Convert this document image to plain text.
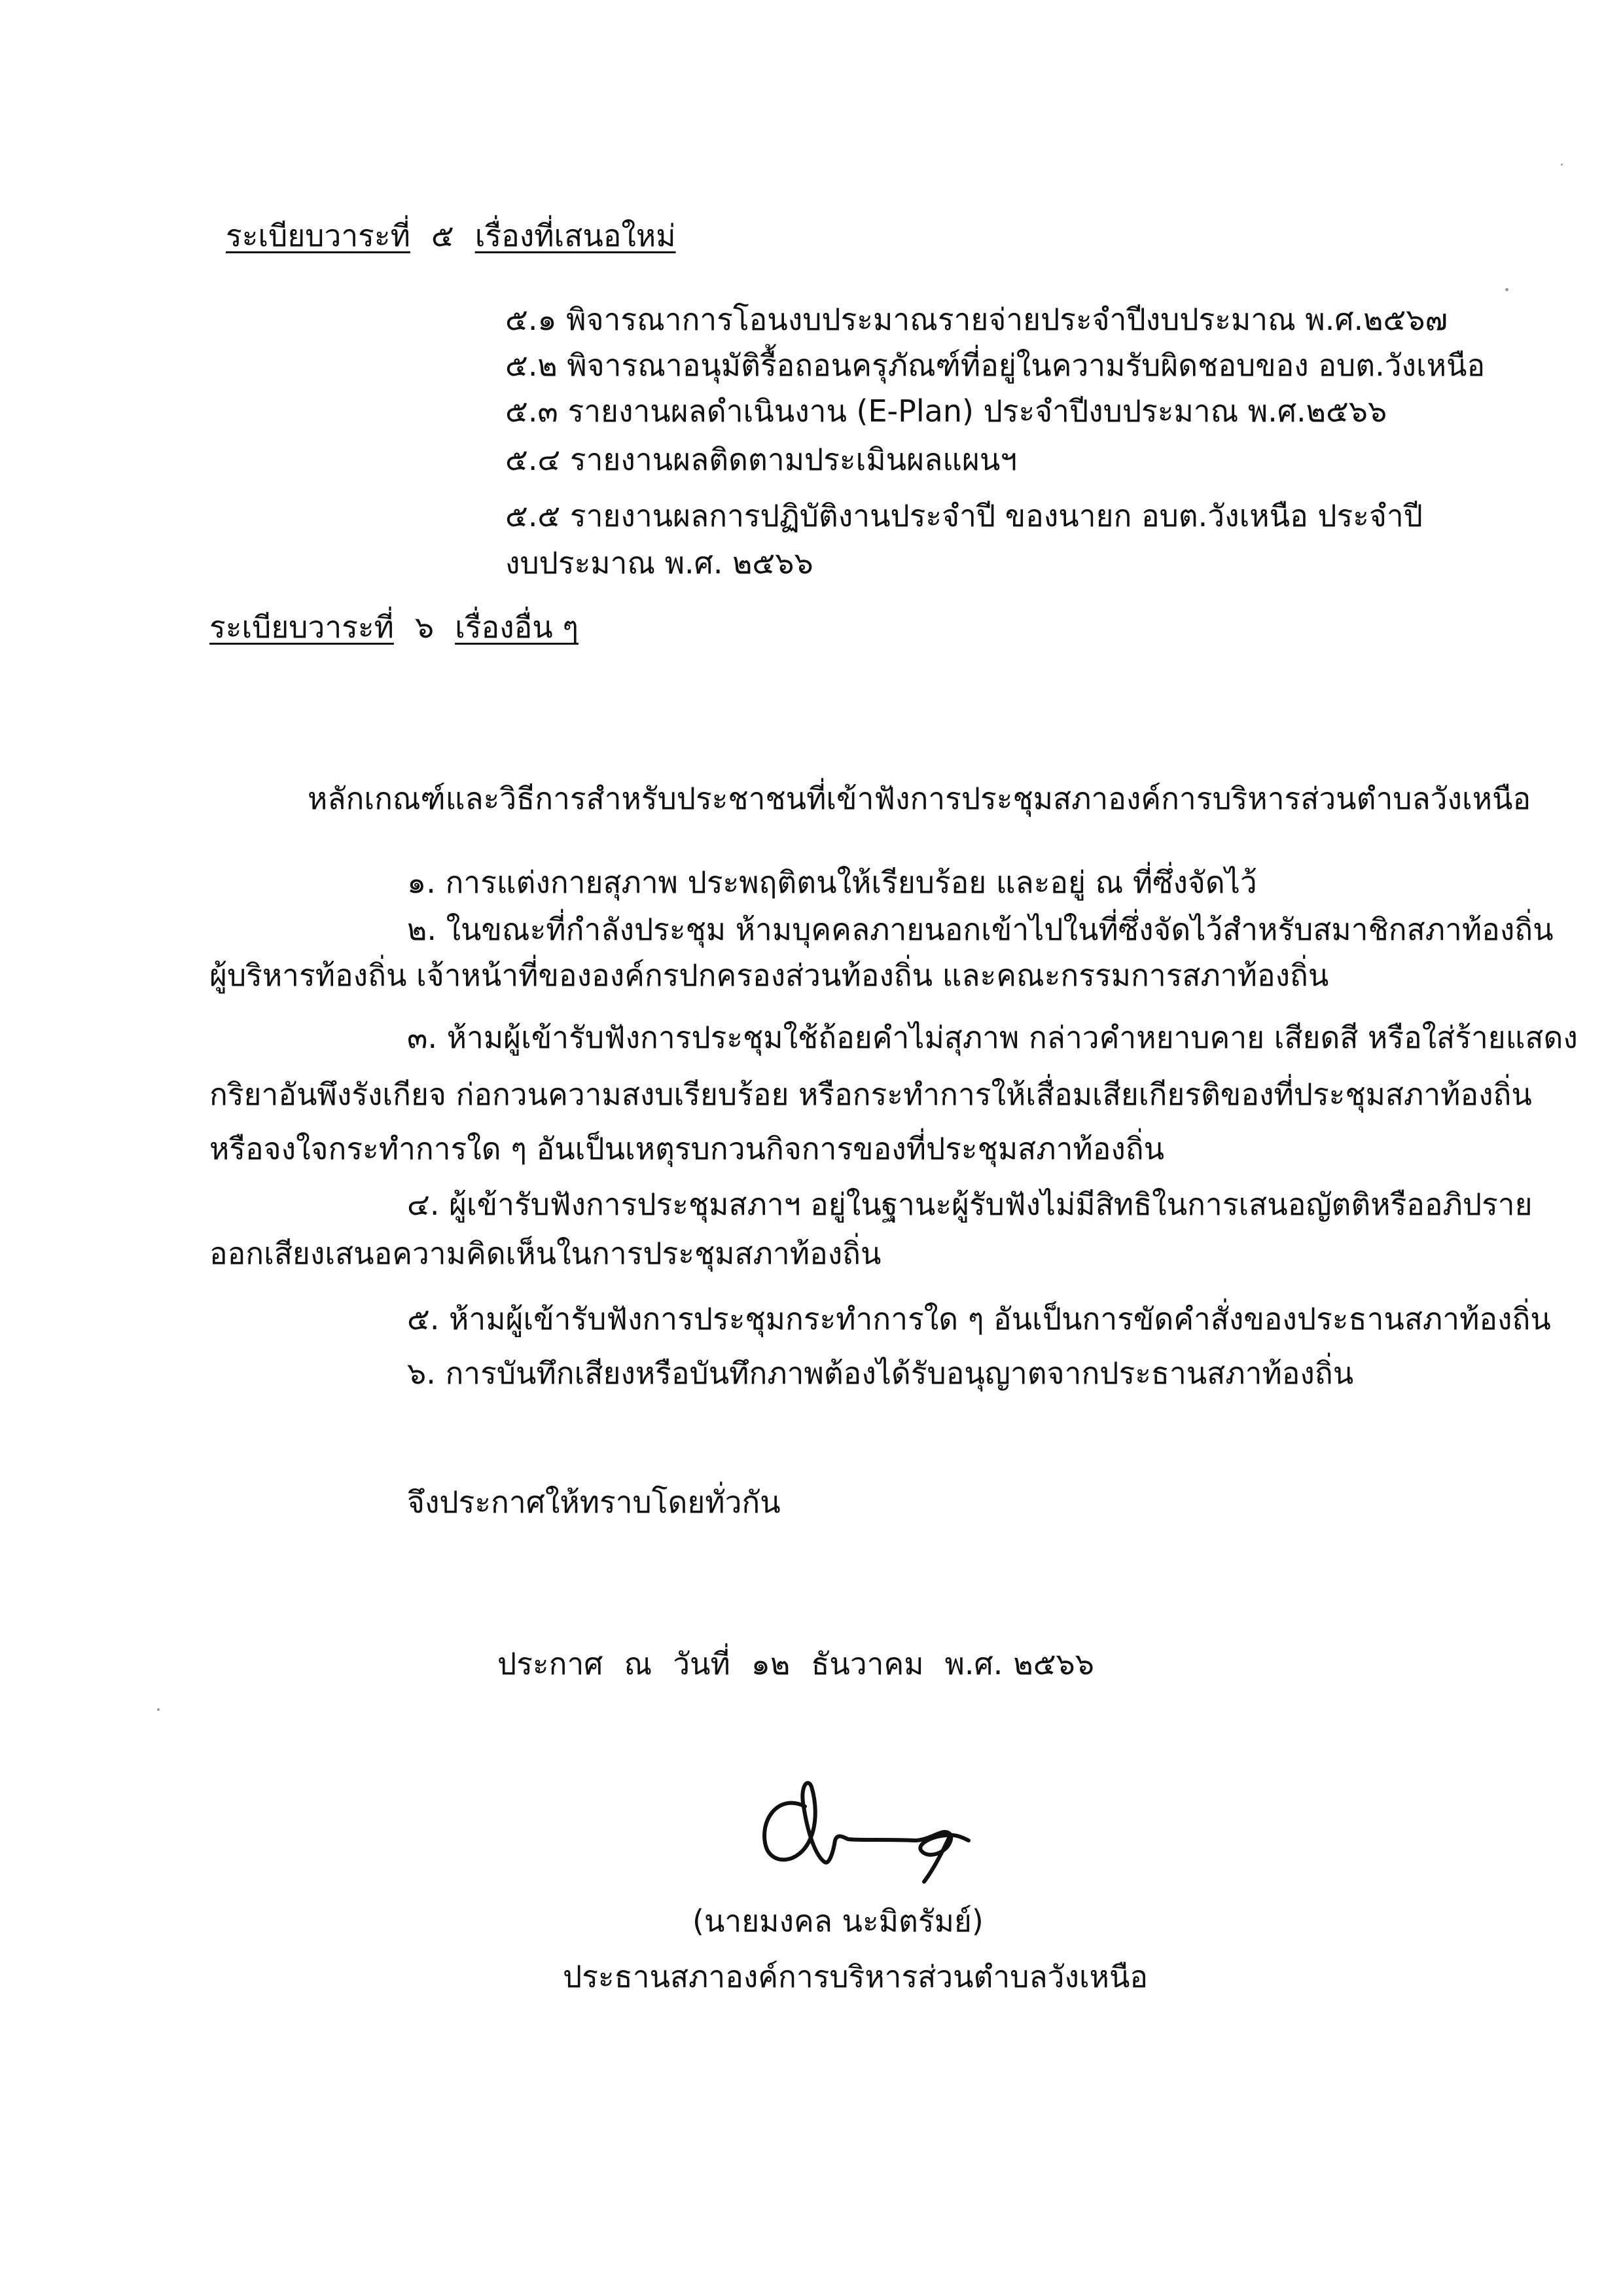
ระเบียบวาระที่ ๕ เรื่องที่เสนอใหม่
๕.๑ พิจารณาการโอนงบประมาณรายจ่ายประจำปีงบประมาณ พ.ศ.๒๕๖๗
๕.๒ พิจารณาอนุมัติรื้อถอนครุภัณฑ์ที่อยู่ในความรับผิดชอบของ อบต.วังเหนือ
๕.๓ รายงานผลดำเนินงาน (E-Plan) ประจำปีงบประมาณ พ.ศ.๒๕๖๖
๕.๔ รายงานผลติดตามประเมินผลแผนฯ
๕.๕ รายงานผลการปฏิบัติงานประจำปี ของนายก อบต.วังเหนือ ประจำปี
งบประมาณ พ.ศ. ๒๕๖๖
ระเบียบวาระที่ ๖ เรื่องอื่น ๆ
หลักเกณฑ์และวิธีการสำหรับประชาชนที่เข้าฟังการประชุมสภาองค์การบริหารส่วนตำบลวังเหนือ
๑. การแต่งกายสุภาพ ประพฤติตนให้เรียบร้อย และอยู่ ณ ที่ซึ่งจัดไว้
๒. ในขณะที่กำลังประชุม ห้ามบุคคลภายนอกเข้าไปในที่ซึ่งจัดไว้สำหรับสมาชิกสภาท้องถิ่น
ผู้บริหารท้องถิ่น เจ้าหน้าที่ขององค์กรปกครองส่วนท้องถิ่น และคณะกรรมการสภาท้องถิ่น
๓. ห้ามผู้เข้ารับฟังการประชุมใช้ถ้อยคำไม่สุภาพ กล่าวคำหยาบคาย เสียดสี หรือใส่ร้ายแสดง
กริยาอันพึงรังเกียจ ก่อกวนความสงบเรียบร้อย หรือกระทำการให้เสื่อมเสียเกียรติของที่ประชุมสภาท้องถิ่น
หรือจงใจกระทำการใด ๆ อันเป็นเหตุรบกวนกิจการของที่ประชุมสภาท้องถิ่น
๔. ผู้เข้ารับฟังการประชุมสภาฯ อยู่ในฐานะผู้รับฟังไม่มีสิทธิในการเสนอญัตติหรืออภิปราย
ออกเสียงเสนอความคิดเห็นในการประชุมสภาท้องถิ่น
๕. ห้ามผู้เข้ารับฟังการประชุมกระทำการใด ๆ อันเป็นการขัดคำสั่งของประธานสภาท้องถิ่น
๖. การบันทึกเสียงหรือบันทึกภาพต้องได้รับอนุญาตจากประธานสภาท้องถิ่น
จึงประกาศให้ทราบโดยทั่วกัน
ประกาศ ณ วันที่ ๑๒ ธันวาคม พ.ศ. ๒๕๖๖
(นายมงคล นะมิตรัมย์)
ประธานสภาองค์การบริหารส่วนตำบลวังเหนือ
